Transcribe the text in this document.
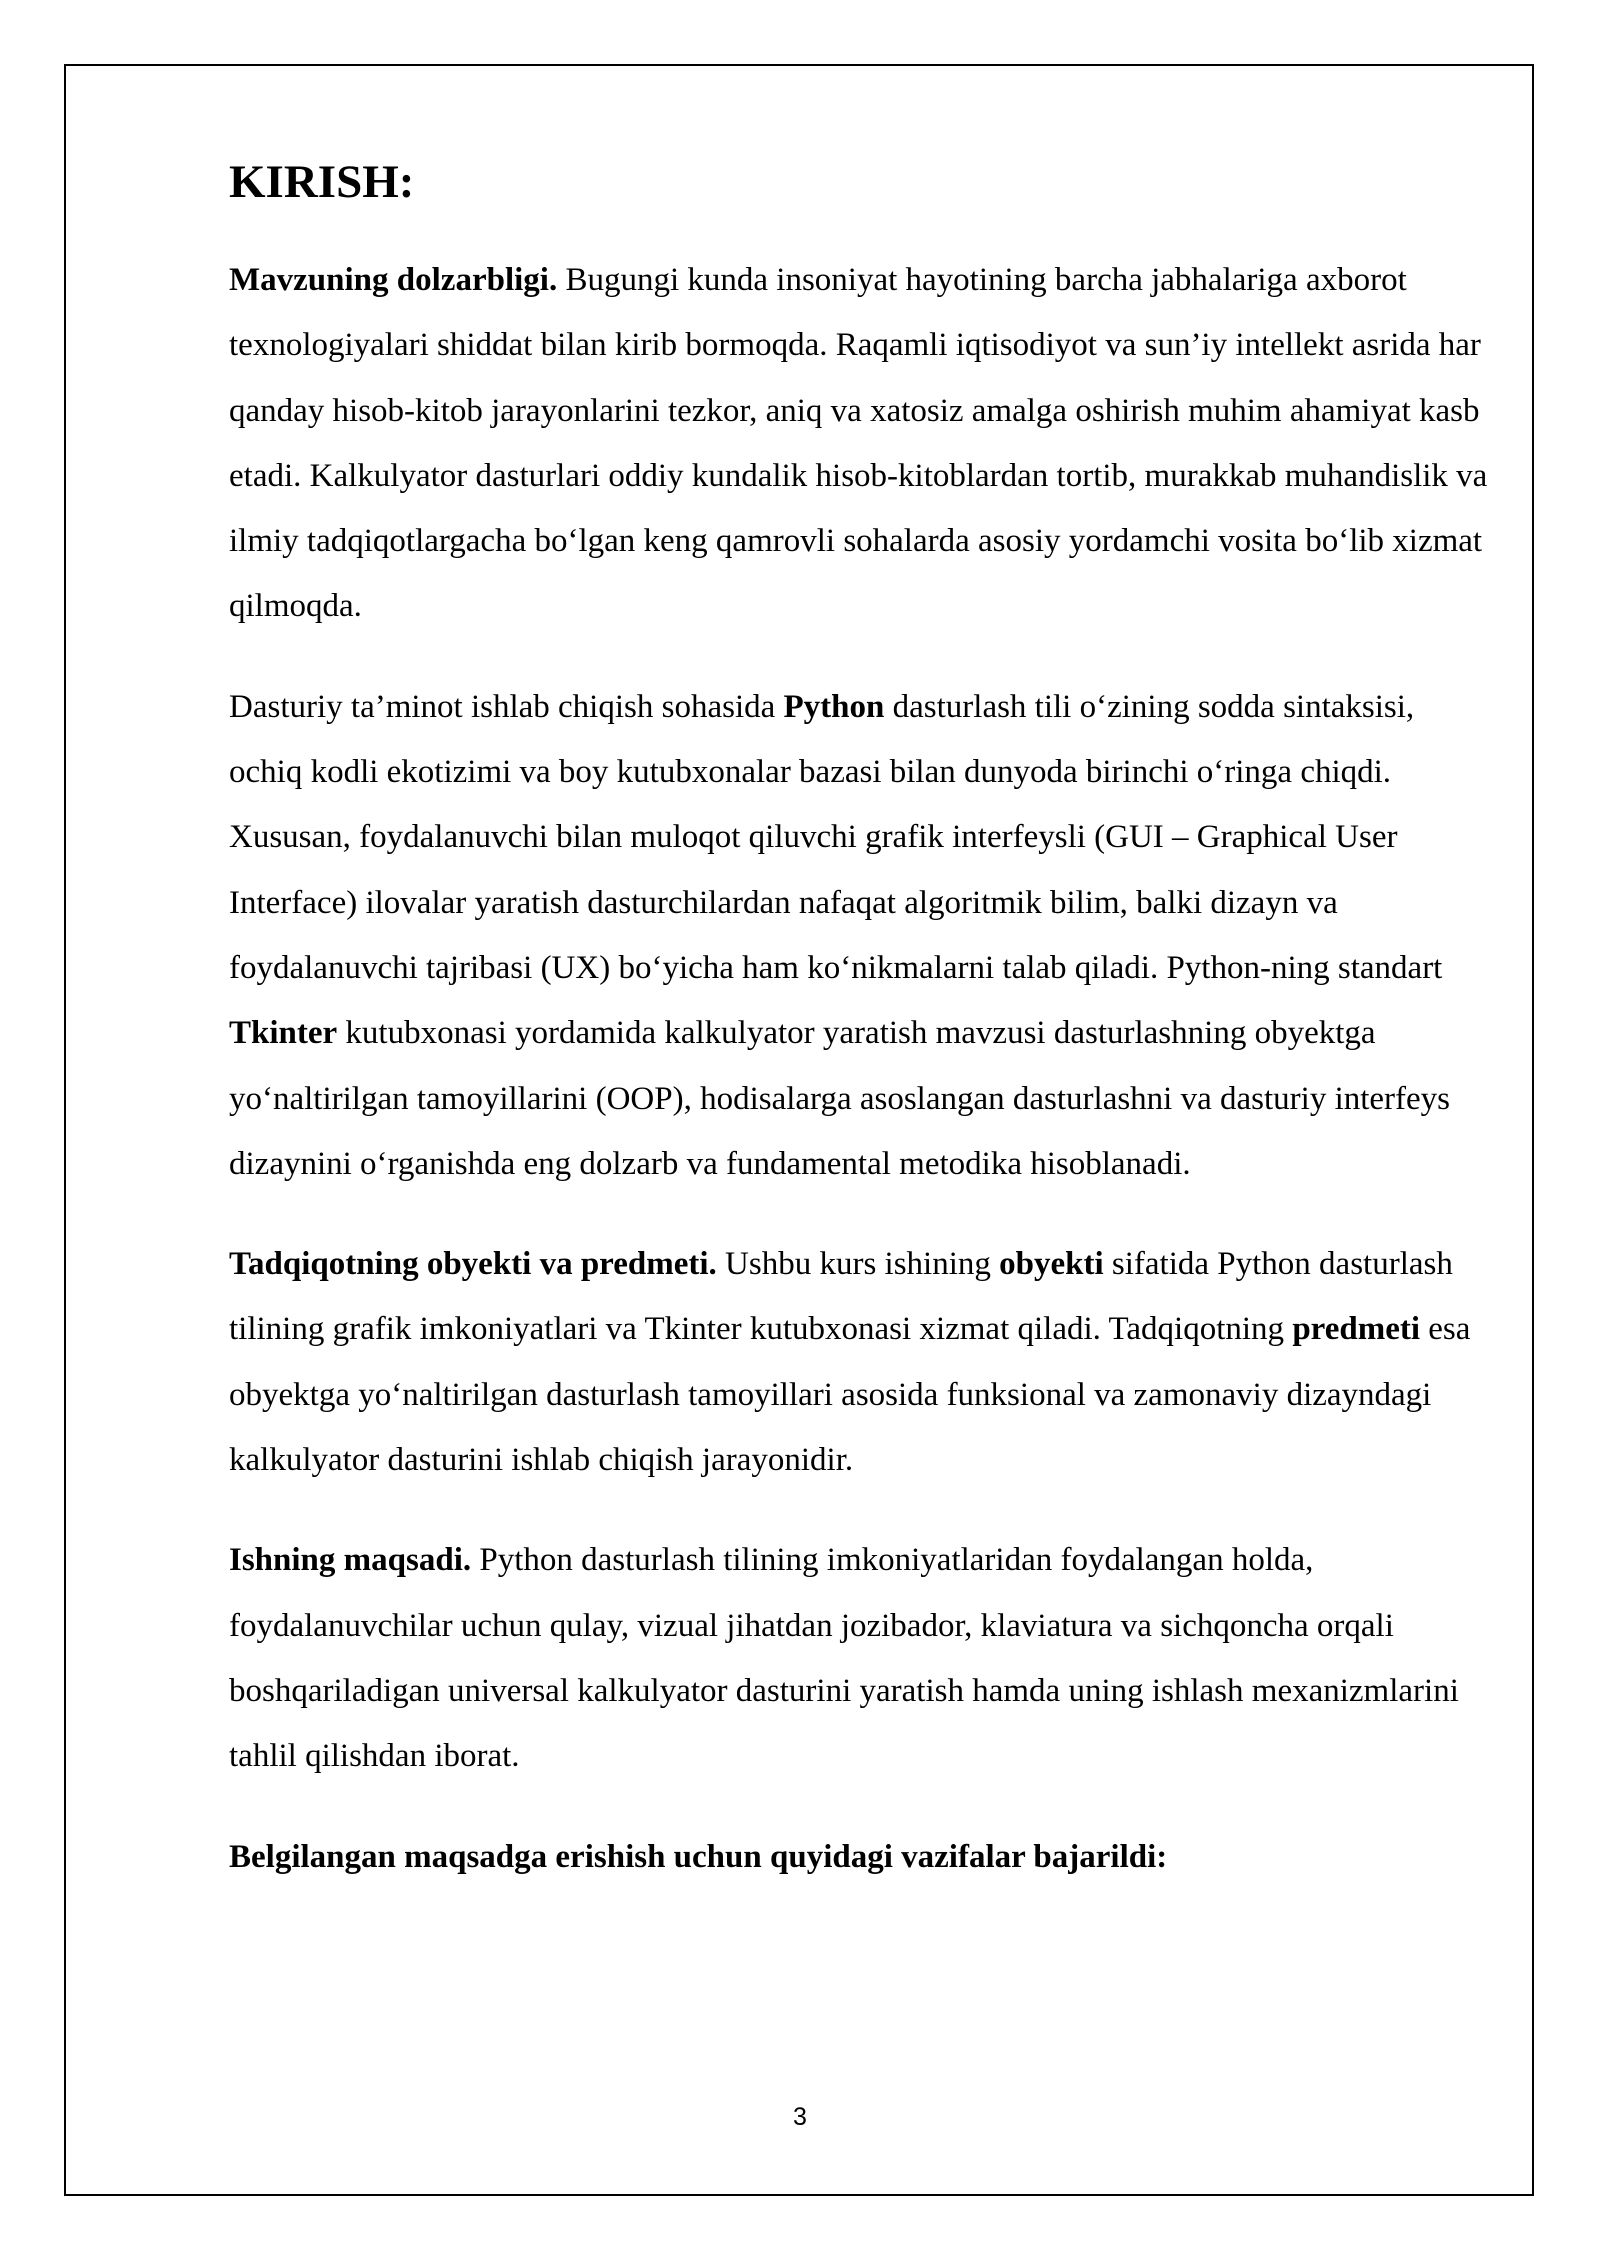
KIRISH:

Mavzuning dolzarbligi. Bugungi kunda insoniyat hayotining barcha jabhalariga axborot texnologiyalari shiddat bilan kirib bormoqda. Raqamli iqtisodiyot va sun’iy intellekt asrida har qanday hisob-kitob jarayonlarini tezkor, aniq va xatosiz amalga oshirish muhim ahamiyat kasb etadi. Kalkulyator dasturlari oddiy kundalik hisob-kitoblardan tortib, murakkab muhandislik va ilmiy tadqiqotlargacha bo‘lgan keng qamrovli sohalarda asosiy yordamchi vosita bo‘lib xizmat qilmoqda.

Dasturiy ta’minot ishlab chiqish sohasida Python dasturlash tili o‘zining sodda sintaksisi, ochiq kodli ekotizimi va boy kutubxonalar bazasi bilan dunyoda birinchi o‘ringa chiqdi. Xususan, foydalanuvchi bilan muloqot qiluvchi grafik interfeysli (GUI – Graphical User Interface) ilovalar yaratish dasturchilardan nafaqat algoritmik bilim, balki dizayn va foydalanuvchi tajribasi (UX) bo‘yicha ham ko‘nikmalarni talab qiladi. Python-ning standart Tkinter kutubxonasi yordamida kalkulyator yaratish mavzusi dasturlashning obyektga yo‘naltirilgan tamoyillarini (OOP), hodisalarga asoslangan dasturlashni va dasturiy interfeys dizaynini o‘rganishda eng dolzarb va fundamental metodika hisoblanadi.

Tadqiqotning obyekti va predmeti. Ushbu kurs ishining obyekti sifatida Python dasturlash tilining grafik imkoniyatlari va Tkinter kutubxonasi xizmat qiladi. Tadqiqotning predmeti esa obyektga yo‘naltirilgan dasturlash tamoyillari asosida funksional va zamonaviy dizayndagi kalkulyator dasturini ishlab chiqish jarayonidir.

Ishning maqsadi. Python dasturlash tilining imkoniyatlaridan foydalangan holda, foydalanuvchilar uchun qulay, vizual jihatdan jozibador, klaviatura va sichqoncha orqali boshqariladigan universal kalkulyator dasturini yaratish hamda uning ishlash mexanizmlarini tahlil qilishdan iborat.

Belgilangan maqsadga erishish uchun quyidagi vazifalar bajarildi:

3
